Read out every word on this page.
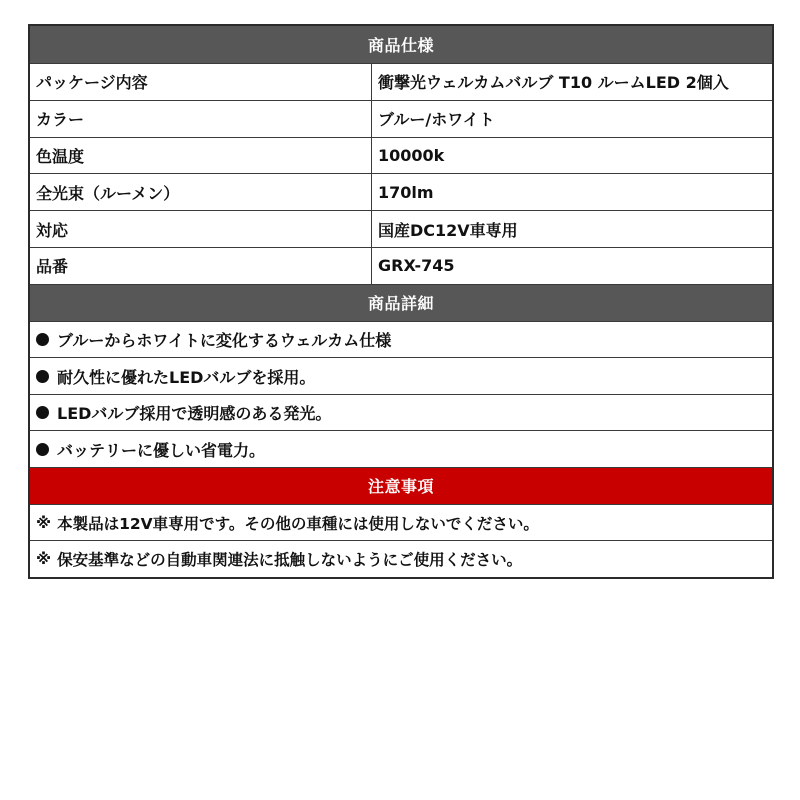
商品仕様
パッケージ内容	衝撃光ウェルカムバルブ T10 ルームLED 2個入
カラー	ブルー/ホワイト
色温度	10000k
全光束（ルーメン）	170lm
対応	国産DC12V車専用
品番	GRX-745
商品詳細
ブルーからホワイトに変化するウェルカム仕様
耐久性に優れたLEDバルブを採用。
LEDバルブ採用で透明感のある発光。
バッテリーに優しい省電力。
注意事項
※ 本製品は12V車専用です。その他の車種には使用しないでください。
※ 保安基準などの自動車関連法に抵触しないようにご使用ください。
